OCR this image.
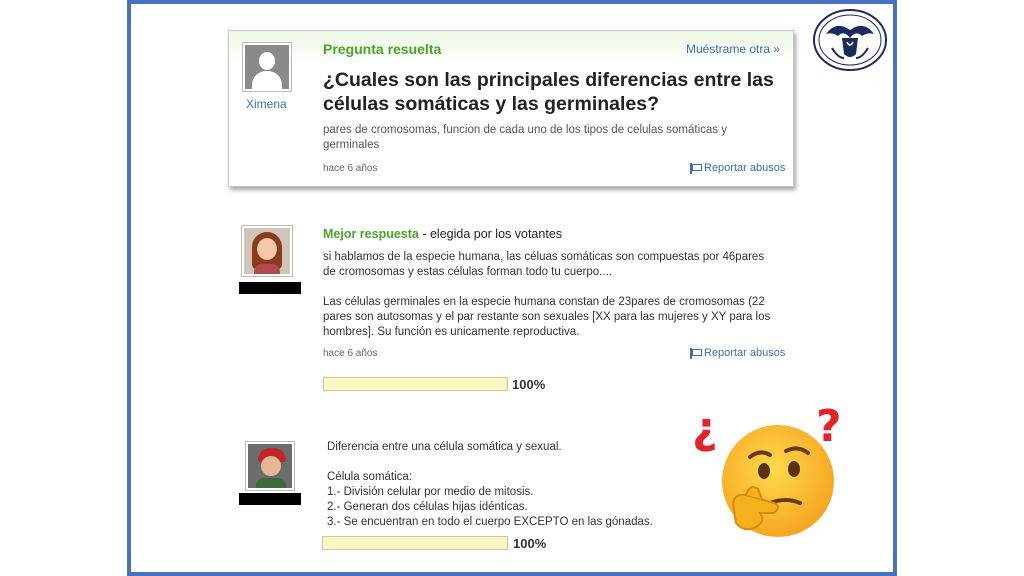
Ximena
Pregunta resuelta	Muéstrame otra »
¿Cuales son las principales diferencias entre las células somáticas y las germinales?
pares de cromosomas, funcion de cada uno de los tipos de celulas somáticas y germinales
hace 6 años	Reportar abusos
Mejor respuesta - elegida por los votantes

si hablamos de la especie humana, las céluas somáticas son compuestas por 46pares de cromosomas y estas células forman todo tu cuerpo....

Las células germinales en la especie humana constan de 23pares de cromosomas (22 pares son autosomas y el par restante son sexuales [XX para las mujeres y XY para los hombres]. Su función es unicamente reproductiva.

hace 6 años	Reportar abusos
100%
Diferencia entre una célula somática y sexual.
Célula somática:
1.- División celular por medio de mitosis.
2.- Generan dos células hijas idénticas.
3.- Se encuentran en todo el cuerpo EXCEPTO en las gónadas.
100%
¿ ?
